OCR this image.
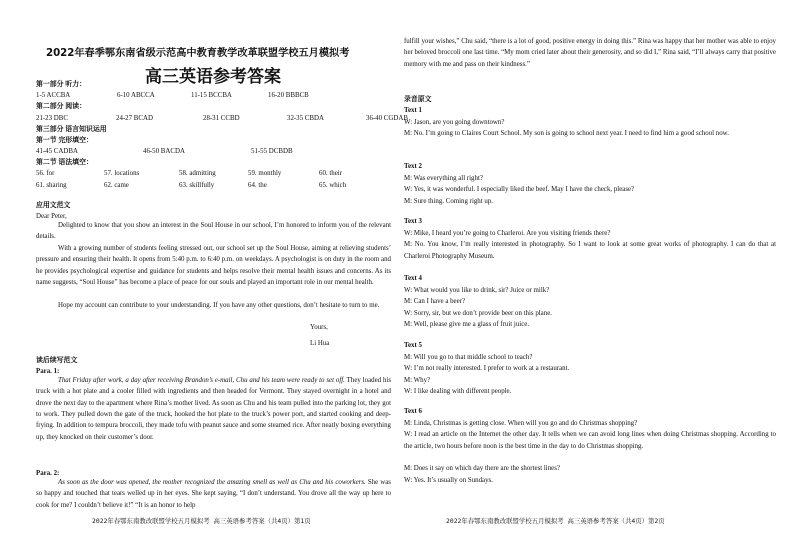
2022年春季鄂东南省级示范高中教育教学改革联盟学校五月模拟考
高三英语参考答案
第一部分 听力：
1-5 ACCBA	6-10 ABCCA	11-15 BCCBA	16-20 BBBCB
第二部分 阅读：
21-23 DBC	24-27 BCAD	28-31 CCBD	32-35 CBDA	36-40 CGDAB
第三部分 语言知识运用
第一节 完形填空：
41-45 CADBA	46-50 BACDA	51-55 DCBDB
第二节 语法填空：
56. for	57. locations	58. admitting	59. monthly	60. their
61. sharing	62. came	63. skillfully	64. the	65. which
应用文范文
Dear Peter,
Delighted to know that you show an interest in the Soul House in our school, I’m honored to inform you of the relevant details.
With a growing number of students feeling stressed out, our school set up the Soul House, aiming at relieving students’ pressure and ensuring their health. It opens from 5:40 p.m. to 6:40 p.m. on weekdays. A psychologist is on duty in the room and he provides psychological expertise and guidance for students and helps resolve their mental health issues and concerns. As its name suggests, “Soul House” has become a place of peace for our souls and played an important role in our mental health.
Hope my account can contribute to your understanding. If you have any other questions, don’t hesitate to turn to me.
Yours,
Li Hua
读后续写范文
Para. 1:
That Friday after work, a day after receiving Brandon’s e-mail, Chu and his team were ready to set off. They loaded his truck with a hot plate and a cooler filled with ingredients and then headed for Vermont. They stayed overnight in a hotel and drove the next day to the apartment where Rina’s mother lived. As soon as Chu and his team pulled into the parking lot, they got to work. They pulled down the gate of the truck, hooked the hot plate to the truck’s power port, and started cooking and deep-frying. In addition to tempura broccoli, they made tofu with peanut sauce and some steamed rice. After neatly boxing everything up, they knocked on their customer’s door.
Para. 2:
As soon as the door was opened, the mother recognized the amazing smell as well as Chu and his coworkers. She was so happy and touched that tears welled up in her eyes. She kept saying, “I don’t understand. You drove all the way up here to cook for me? I couldn’t believe it!” “It is an honor to help
2022年春鄂东南教改联盟学校五月模拟考 高三英语参考答案（共4页）第1页
fulfill your wishes,” Chu said, “there is a lot of good, positive energy in doing this.” Rina was happy that her mother was able to enjoy her beloved broccoli one last time. “My mom cried later about their generosity, and so did I,” Rina said, “I’ll always carry that positive memory with me and pass on their kindness.”
录音原文
Text 1
W: Jason, are you going downtown?
M: No. I’m going to Claires Court School. My son is going to school next year. I need to find him a good school now.
Text 2
M: Was everything all right?
W: Yes, it was wonderful. I especially liked the beef. May I have the check, please?
M: Sure thing. Coming right up.
Text 3
W: Mike, I heard you’re going to Charleroi. Are you visiting friends there?
M: No. You know, I’m really interested in photography. So I want to look at some great works of photography. I can do that at Charleroi Photography Museum.
Text 4
W: What would you like to drink, sir? Juice or milk?
M: Can I have a beer?
W: Sorry, sir, but we don’t provide beer on this plane.
M: Well, please give me a glass of fruit juice.
Text 5
M: Will you go to that middle school to teach?
W: I’m not really interested. I prefer to work at a restaurant.
M: Why?
W: I like dealing with different people.
Text 6
M: Linda, Christmas is getting close. When will you go and do Christmas shopping?
W: I read an article on the Internet the other day. It tells when we can avoid long lines when doing Christmas shopping. According to the article, two hours before noon is the best time in the day to do Christmas shopping.
M: Does it say on which day there are the shortest lines?
W: Yes. It’s usually on Sundays.
2022年春鄂东南教改联盟学校五月模拟考 高三英语参考答案（共4页）第2页
